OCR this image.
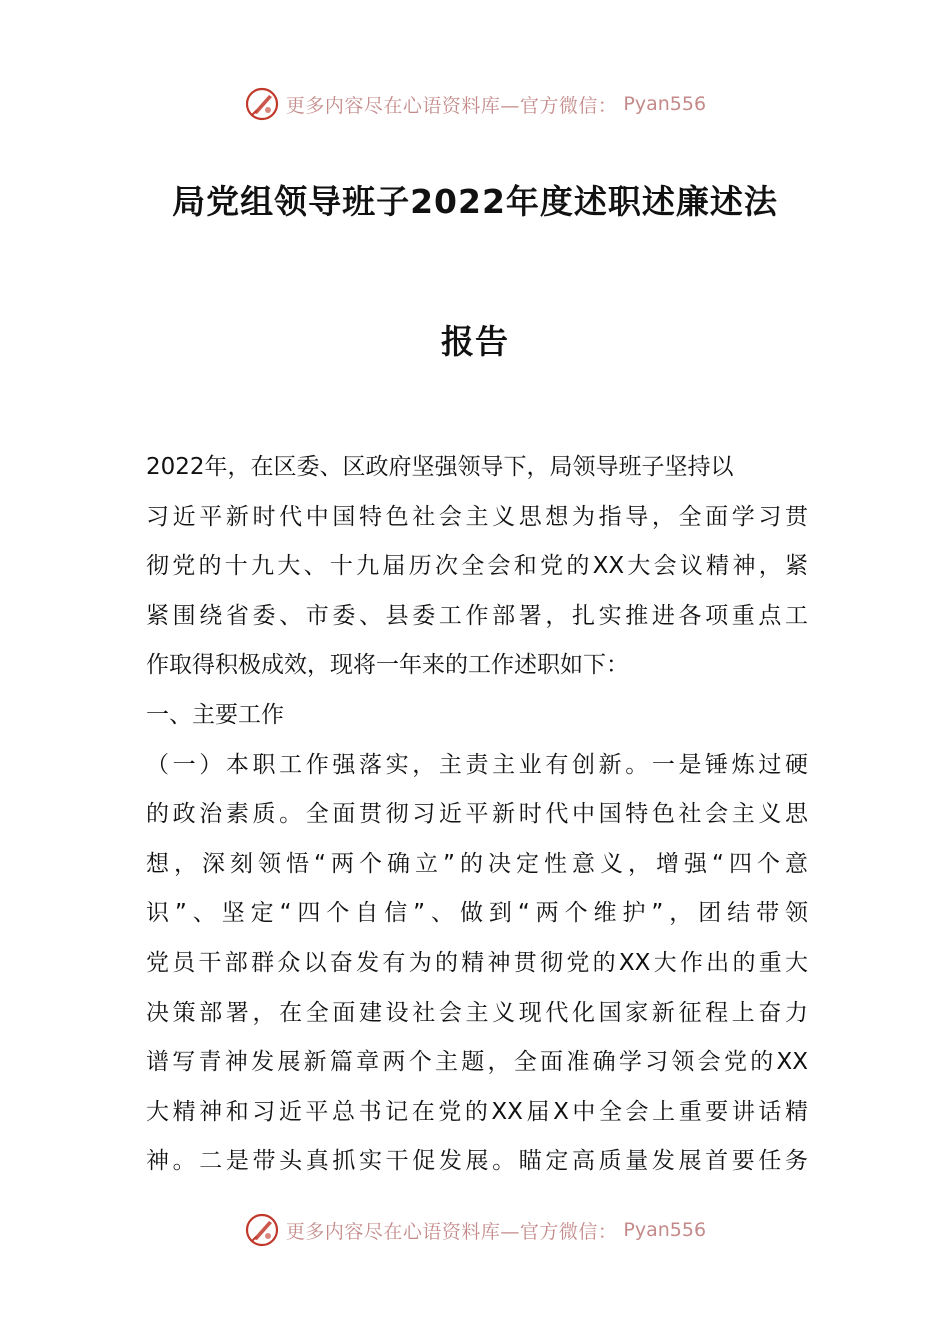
更多内容尽在心语资料库—官方微信： Pyan556
局党组领导班子2022年度述职述廉述法
报告
2022年，在区委、区政府坚强领导下，局领导班子坚持以
习近平新时代中国特色社会主义思想为指导，全面学习贯
彻党的十九大、十九届历次全会和党的XX大会议精神，紧
紧围绕省委、市委、县委工作部署，扎实推进各项重点工
作取得积极成效，现将一年来的工作述职如下：
一、主要工作
（一）本职工作强落实，主责主业有创新。一是锤炼过硬
的政治素质。全面贯彻习近平新时代中国特色社会主义思
想，深刻领悟“两个确立”的决定性意义，增强“四个意
识”、坚定“四个自信”、做到“两个维护”，团结带领
党员干部群众以奋发有为的精神贯彻党的XX大作出的重大
决策部署，在全面建设社会主义现代化国家新征程上奋力
谱写青神发展新篇章两个主题，全面准确学习领会党的XX
大精神和习近平总书记在党的XX届X中全会上重要讲话精
神。二是带头真抓实干促发展。瞄定高质量发展首要任务
更多内容尽在心语资料库—官方微信： Pyan556
